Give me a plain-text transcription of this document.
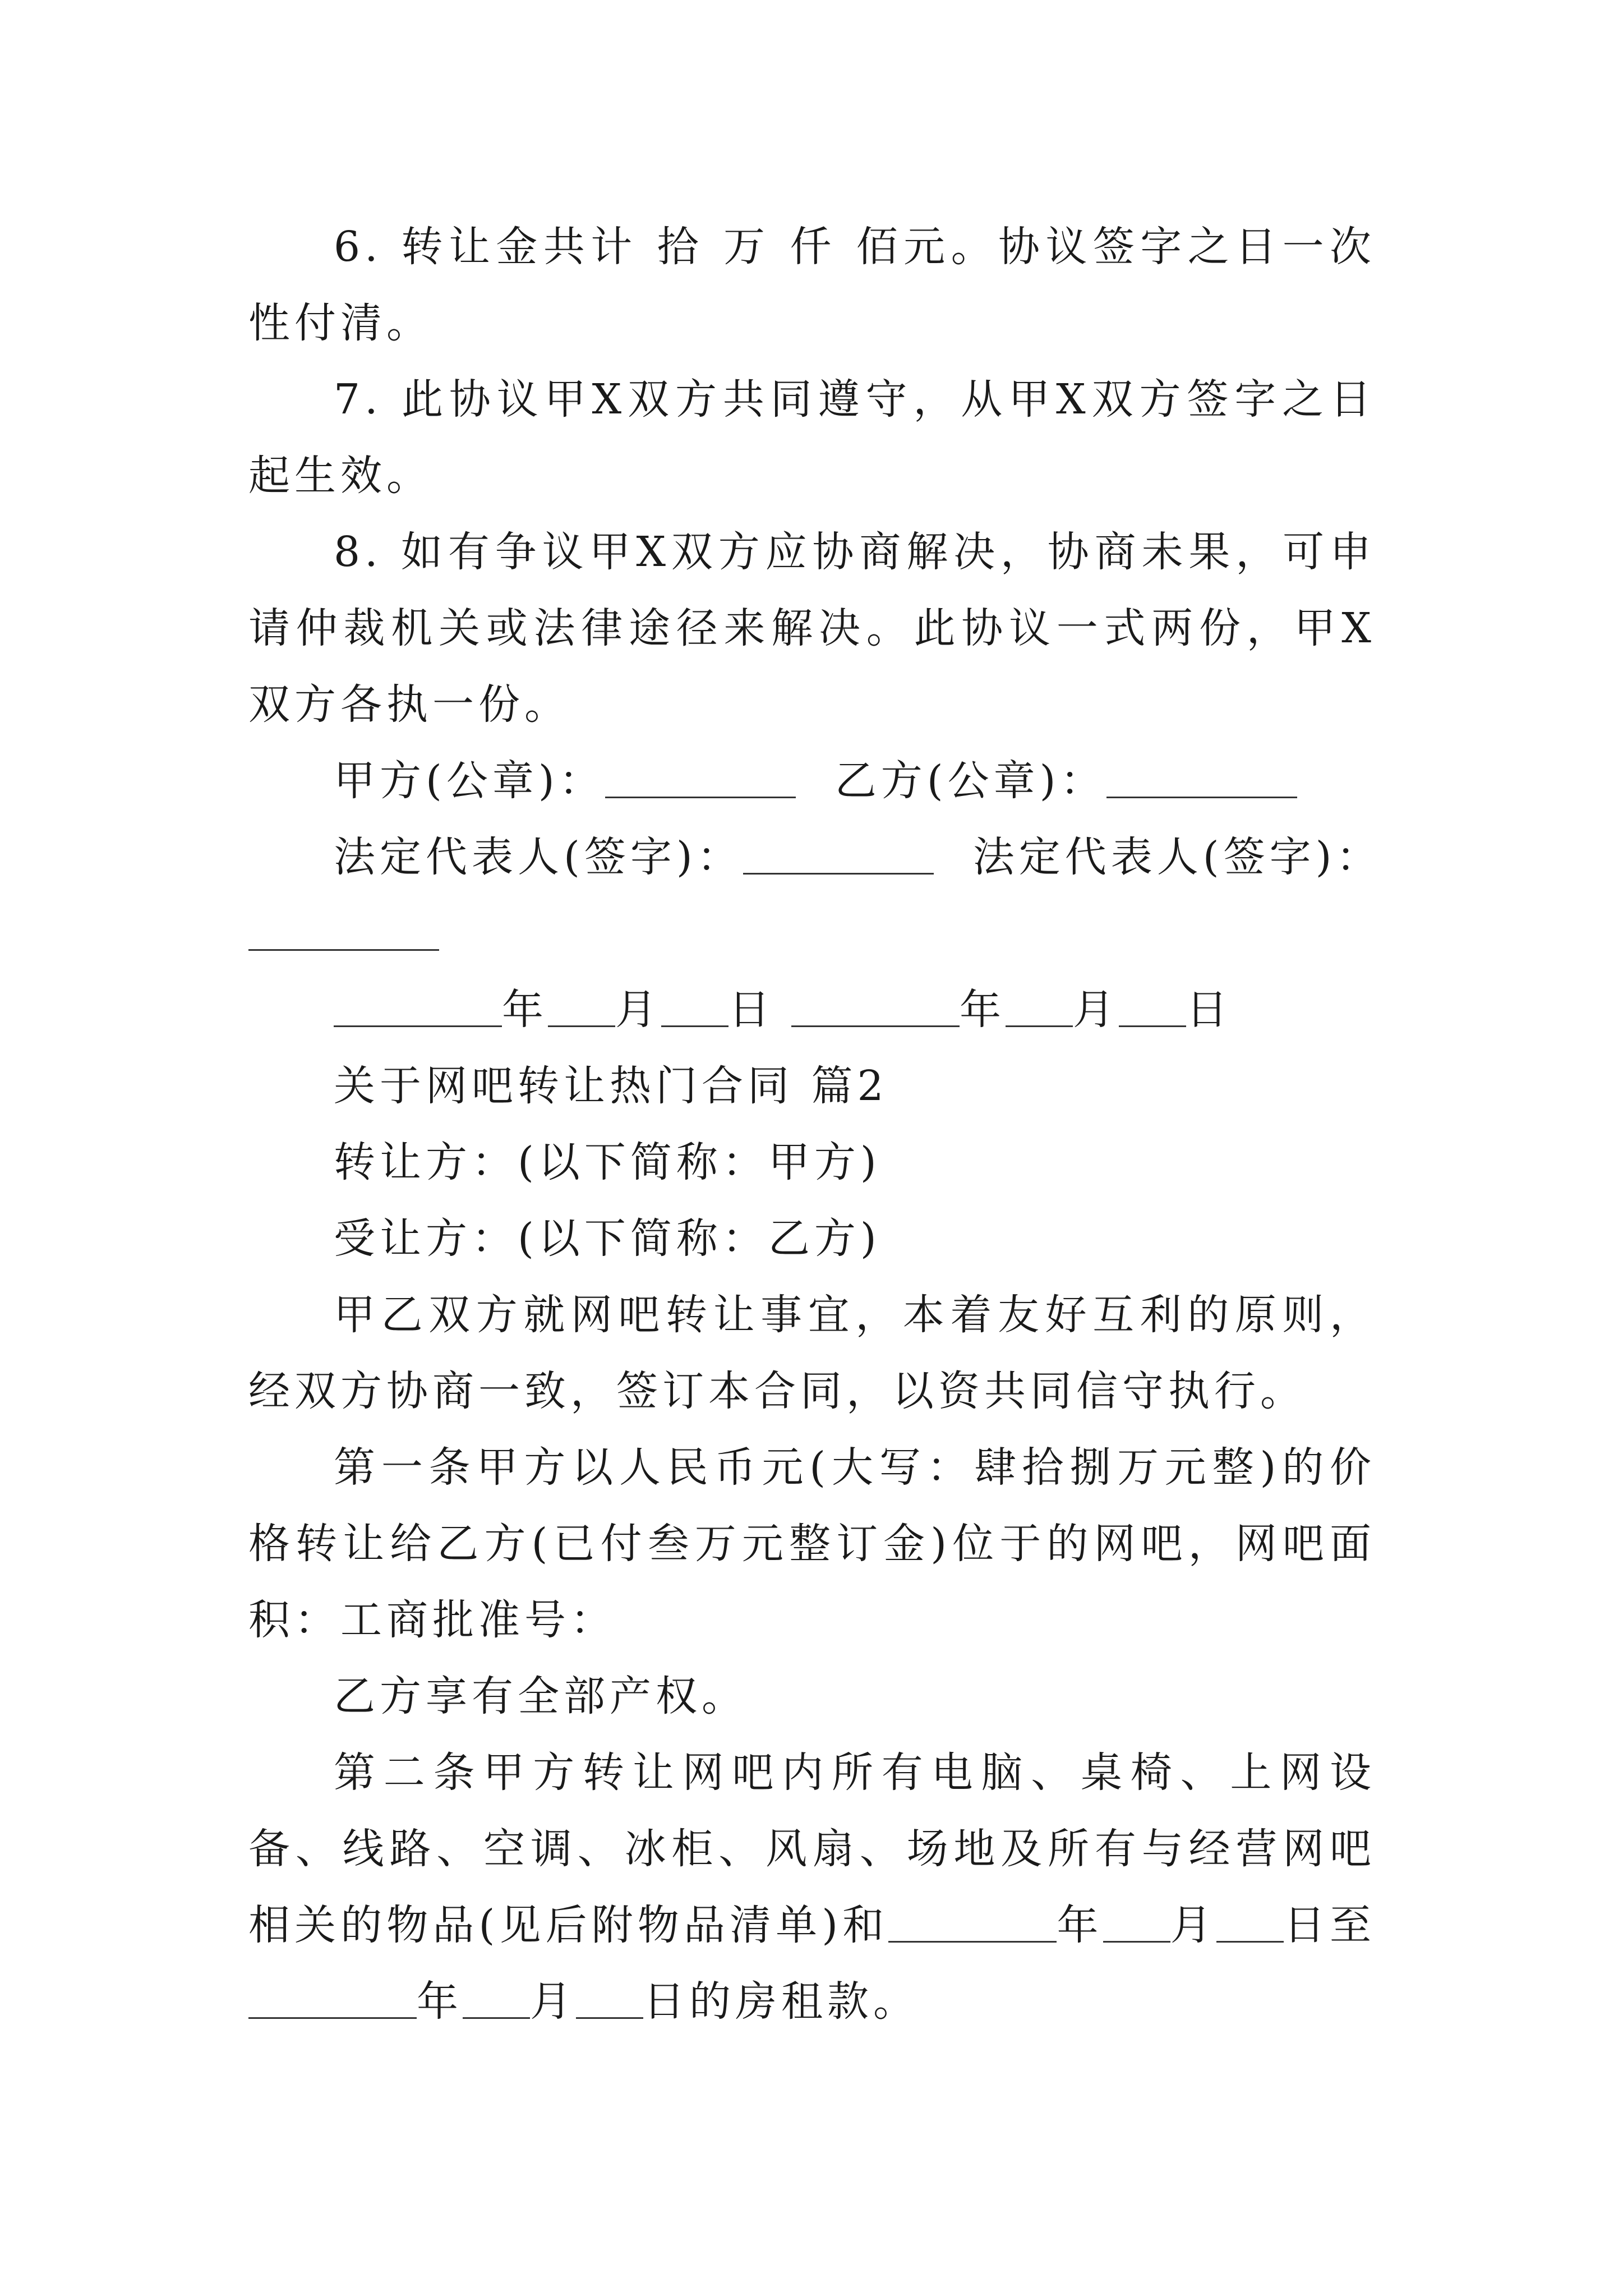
6. 转让金共计 拾 万 仟 佰元。协议签字之日一次性付清。

7. 此协议甲X双方共同遵守，从甲X双方签字之日起生效。

8. 如有争议甲X双方应协商解决，协商未果，可申请仲裁机关或法律途径来解决。此协议一式两份，甲X双方各执一份。

甲方(公章)：	乙方(公章)：
法定代表人(签字)：	法定代表人(签字)：
年 月 日	年 月 日

关于网吧转让热门合同 篇2

转让方：(以下简称：甲方)

受让方：(以下简称：乙方)

甲乙双方就网吧转让事宜，本着友好互利的原则，经双方协商一致，签订本合同，以资共同信守执行。

第一条甲方以人民币元(大写：肆拾捌万元整)的价格转让给乙方(已付叁万元整订金)位于的网吧，网吧面积：工商批准号：

乙方享有全部产权。

第二条甲方转让网吧内所有电脑、桌椅、上网设备、线路、空调、冰柜、风扇、场地及所有与经营网吧相关的物品(见后附物品清单)和	年 月 日至年 月 日的房租款。
